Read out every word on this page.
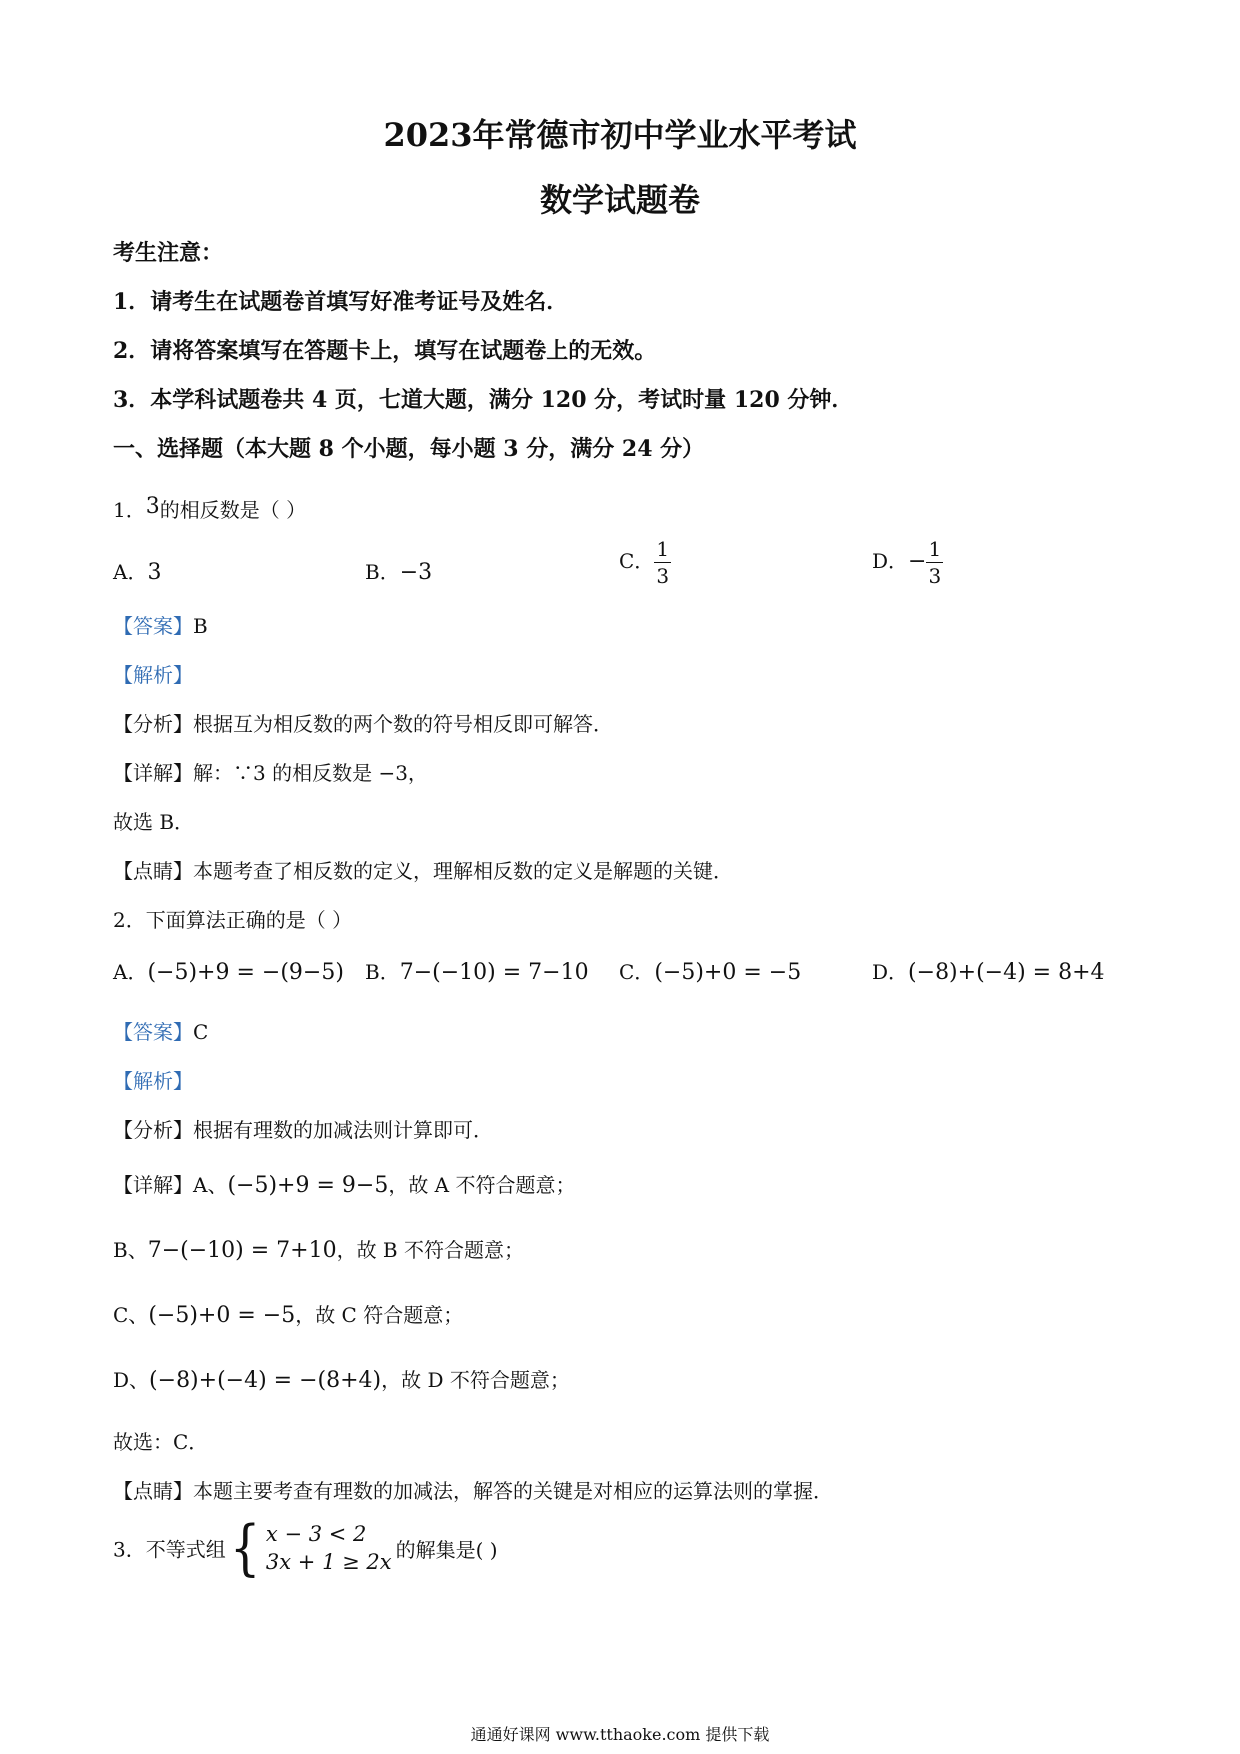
2023年常德市初中学业水平考试
数学试题卷
考生注意：
1．请考生在试题卷首填写好准考证号及姓名．
2．请将答案填写在答题卡上，填写在试题卷上的无效。
3．本学科试题卷共 4 页，七道大题，满分 120 分，考试时量 120 分钟．
一、选择题（本大题 8 个小题，每小题 3 分，满分 24 分）
1．3的相反数是（ ）
A．3	B．−3	C． $\frac{1}{3}$	D．− $\frac{1}{3}$
【答案】B
【解析】
【分析】根据互为相反数的两个数的符号相反即可解答．
【详解】解：∵3 的相反数是 −3，
故选 B．
【点睛】本题考查了相反数的定义，理解相反数的定义是解题的关键．
2．下面算法正确的是（ ）
A．(−5)+9 = −(9−5) B．7−(−10) = 7−10 C．(−5)+0 = −5	D．(−8)+(−4) = 8+4
【答案】C
【解析】
【分析】根据有理数的加减法则计算即可．
【详解】A、(−5)+9 = 9−5，故 A 不符合题意；
B、7−(−10) = 7+10，故 B 不符合题意；
C、(−5)+0 = −5，故 C 符合题意；
D、(−8)+(−4) = −(8+4)，故 D 不符合题意；
故选：C．
【点睛】本题主要考查有理数的加减法，解答的关键是对相应的运算法则的掌握．
3．不等式组 { x − 3 < 2
3x + 1 ≥ 2x
的解集是( )
通通好课网 www.tthaoke.com 提供下载
